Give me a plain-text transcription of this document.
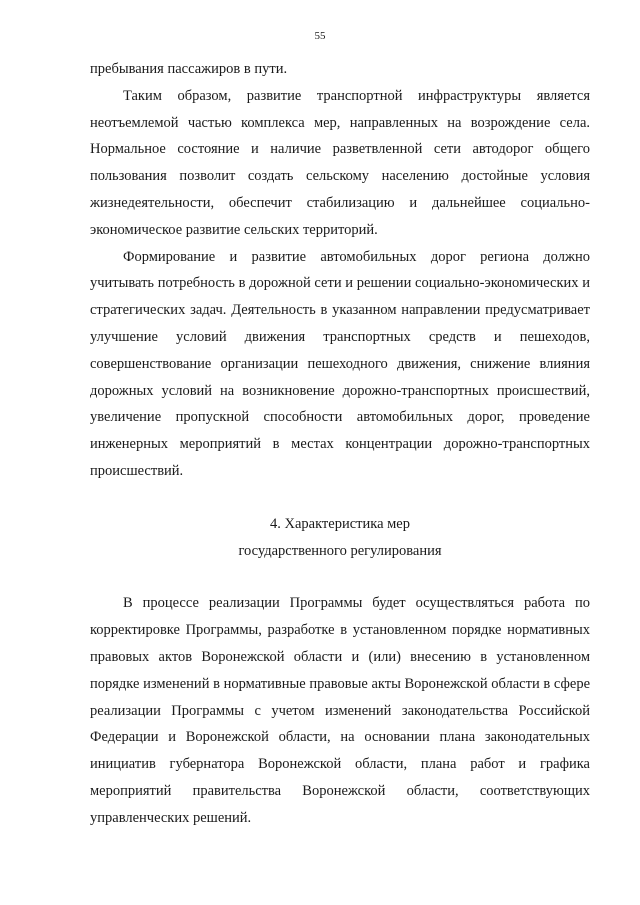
55

пребывания пассажиров в пути.

Таким образом, развитие транспортной инфраструктуры является неотъемлемой частью комплекса мер, направленных на возрождение села. Нормальное состояние и наличие разветвленной сети автодорог общего пользования позволит создать сельскому населению достойные условия жизнедеятельности, обеспечит стабилизацию и дальнейшее социально-экономическое развитие сельских территорий.

Формирование и развитие автомобильных дорог региона должно учитывать потребность в дорожной сети и решении социально-экономических и стратегических задач. Деятельность в указанном направлении предусматривает улучшение условий движения транспортных средств и пешеходов, совершенствование организации пешеходного движения, снижение влияния дорожных условий на возникновение дорожно-транспортных происшествий, увеличение пропускной способности автомобильных дорог, проведение инженерных мероприятий в местах концентрации дорожно-транспортных происшествий.

4. Характеристика мер
государственного регулирования

В процессе реализации Программы будет осуществляться работа по корректировке Программы, разработке в установленном порядке нормативных правовых актов Воронежской области и (или) внесению в установленном порядке изменений в нормативные правовые акты Воронежской области в сфере реализации Программы с учетом изменений законодательства Российской Федерации и Воронежской области, на основании плана законодательных инициатив губернатора Воронежской области, плана работ и графика мероприятий правительства Воронежской области, соответствующих управленческих решений.
